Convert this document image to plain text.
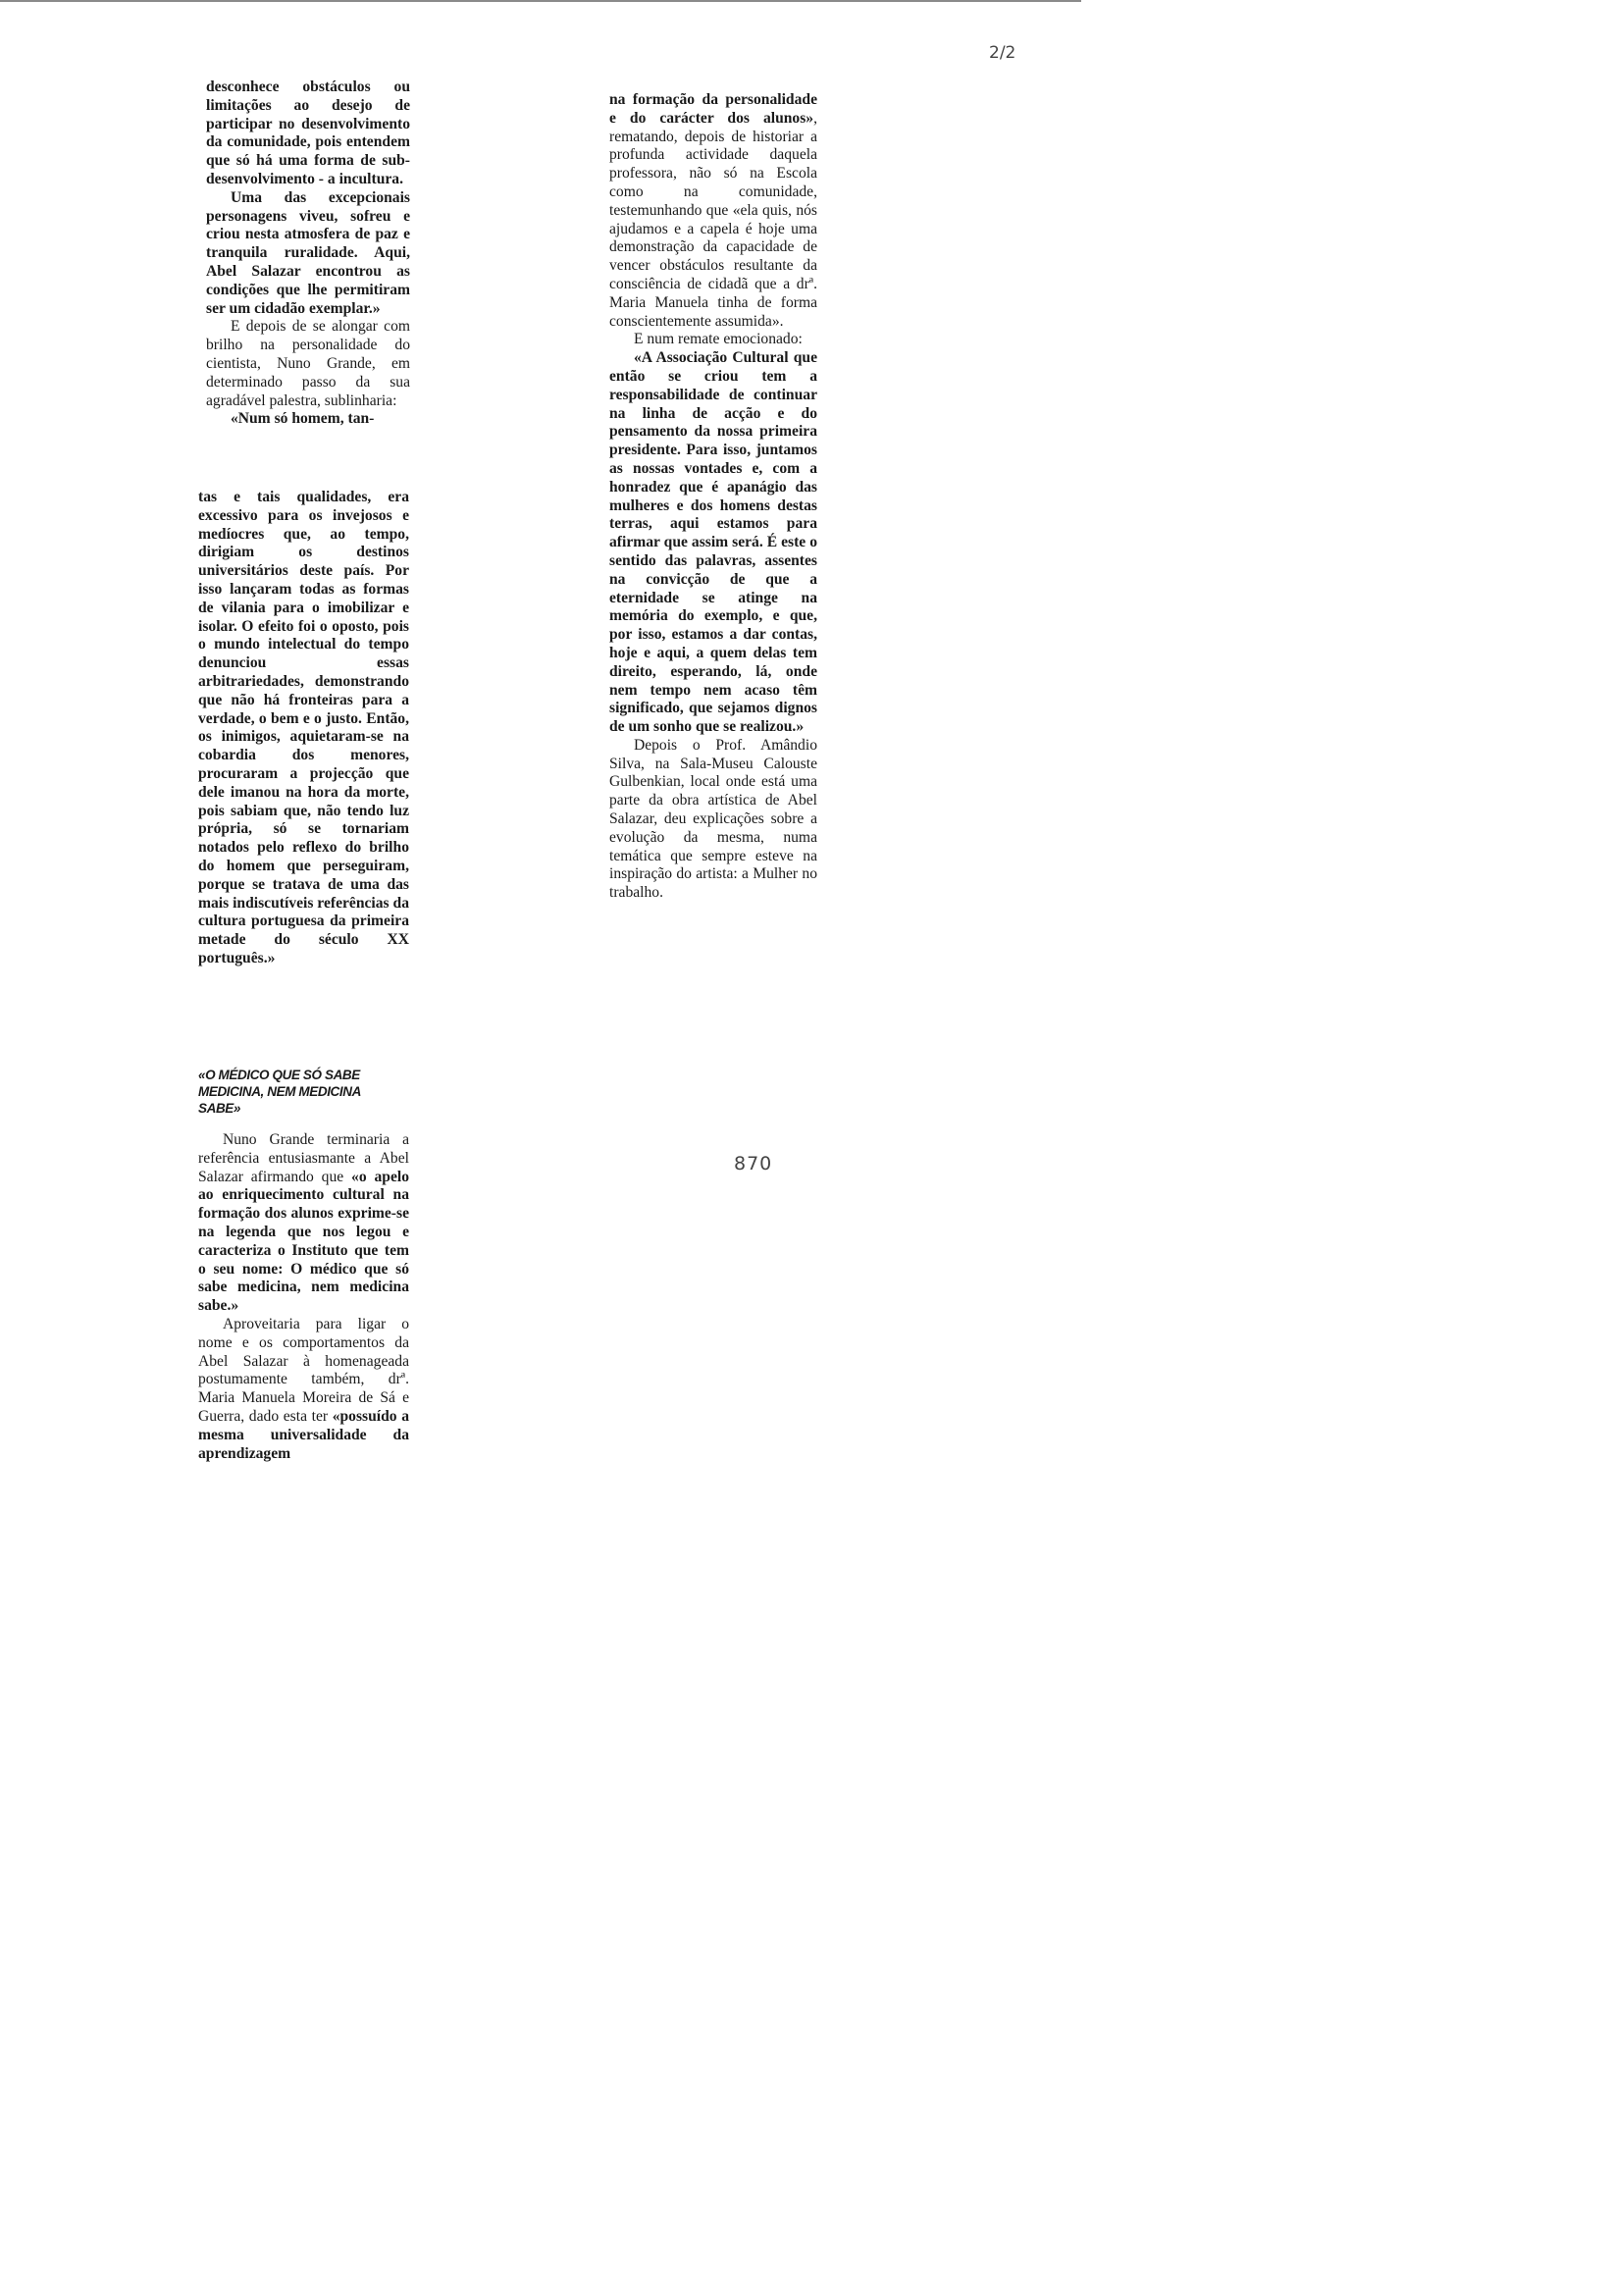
2/2

desconhece obstáculos ou limitações ao desejo de participar no desenvolvimento da comunidade, pois entendem que só há uma forma de sub-desenvolvimento - a incultura.

Uma das excepcionais personagens viveu, sofreu e criou nesta atmosfera de paz e tranquila ruralidade. Aqui, Abel Salazar encontrou as condições que lhe permitiram ser um cidadão exemplar.»

E depois de se alongar com brilho na personalidade do cientista, Nuno Grande, em determinado passo da sua agradável palestra, sublinharia:

«Num só homem, tan-

tas e tais qualidades, era excessivo para os invejosos e medíocres que, ao tempo, dirigiam os destinos universitários deste país. Por isso lançaram todas as formas de vilania para o imobilizar e isolar. O efeito foi o oposto, pois o mundo intelectual do tempo denunciou essas arbitrariedades, demonstrando que não há fronteiras para a verdade, o bem e o justo. Então, os inimigos, aquietaram-se na cobardia dos menores, procuraram a projecção que dele imanou na hora da morte, pois sabiam que, não tendo luz própria, só se tornariam notados pelo reflexo do brilho do homem que perseguiram, porque se tratava de uma das mais indiscutíveis referências da cultura portuguesa da primeira metade do século XX português.»

«O MÉDICO QUE SÓ SABE MEDICINA, NEM MEDICINA SABE»

Nuno Grande terminaria a referência entusiasmante a Abel Salazar afirmando que «o apelo ao enriquecimento cultural na formação dos alunos exprime-se na legenda que nos legou e caracteriza o Instituto que tem o seu nome: O médico que só sabe medicina, nem medicina sabe.»

Aproveitaria para ligar o nome e os comportamentos da Abel Salazar à homenageada postumamente também, drª. Maria Manuela Moreira de Sá e Guerra, dado esta ter «possuído a mesma universalidade da aprendizagem

na formação da personalidade e do carácter dos alunos», rematando, depois de historiar a profunda actividade daquela professora, não só na Escola como na comunidade, testemunhando que «ela quis, nós ajudamos e a capela é hoje uma demonstração da capacidade de vencer obstáculos resultante da consciência de cidadã que a drª. Maria Manuela tinha de forma conscientemente assumida».

E num remate emocionado:

«A Associação Cultural que então se criou tem a responsabilidade de continuar na linha de acção e do pensamento da nossa primeira presidente. Para isso, juntamos as nossas vontades e, com a honradez que é apanágio das mulheres e dos homens destas terras, aqui estamos para afirmar que assim será. É este o sentido das palavras, assentes na convicção de que a eternidade se atinge na memória do exemplo, e que, por isso, estamos a dar contas, hoje e aqui, a quem delas tem direito, esperando, lá, onde nem tempo nem acaso têm significado, que sejamos dignos de um sonho que se realizou.»

Depois o Prof. Amândio Silva, na Sala-Museu Calouste Gulbenkian, local onde está uma parte da obra artística de Abel Salazar, deu explicações sobre a evolução da mesma, numa temática que sempre esteve na inspiração do artista: a Mulher no trabalho.

870
